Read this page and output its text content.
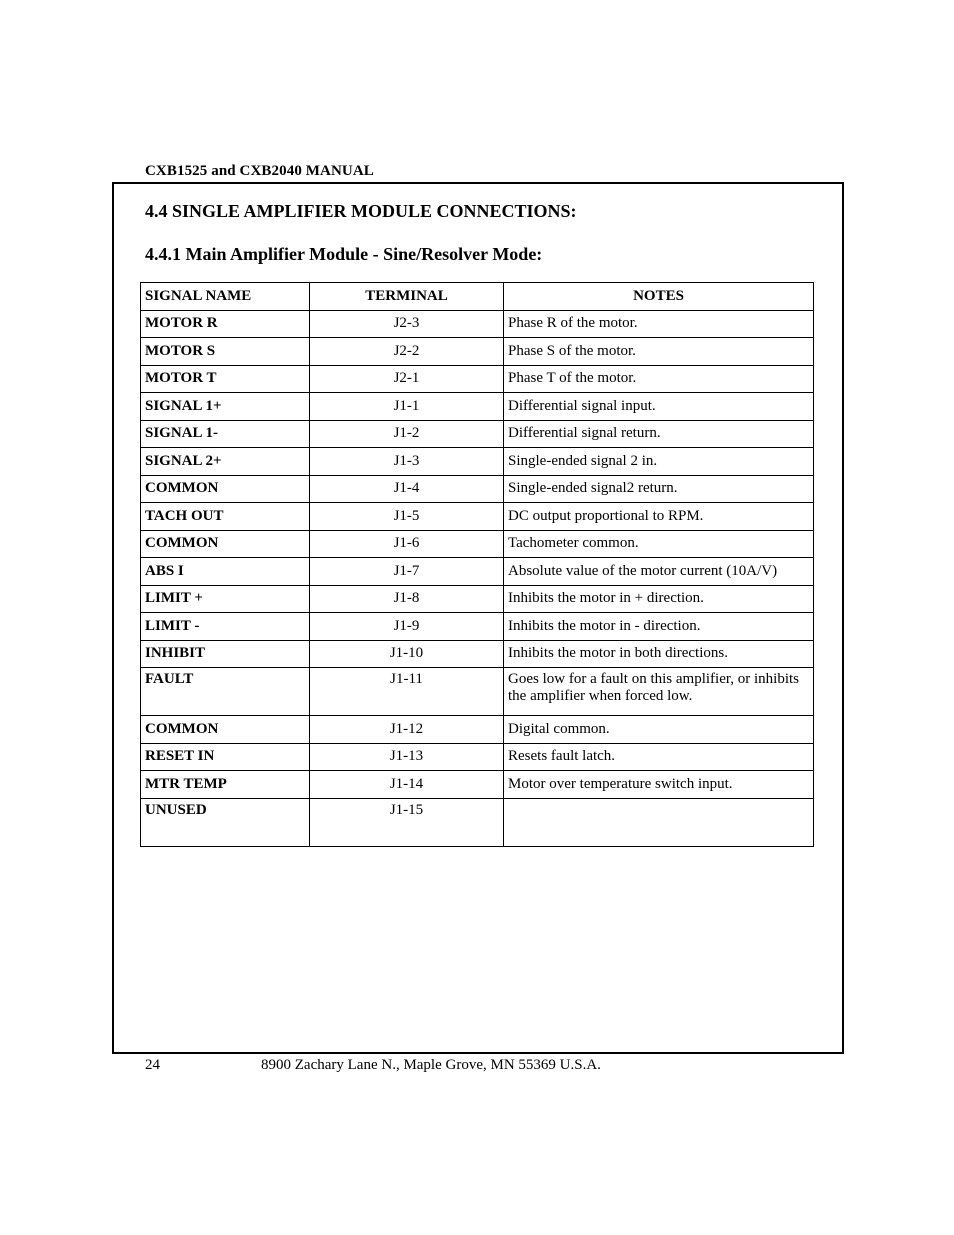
CXB1525 and CXB2040 MANUAL
4.4 SINGLE AMPLIFIER MODULE CONNECTIONS:
4.4.1 Main Amplifier Module - Sine/Resolver Mode:
SIGNAL NAME	TERMINAL	NOTES
MOTOR R	J2-3	Phase R of the motor.
MOTOR S	J2-2	Phase S of the motor.
MOTOR T	J2-1	Phase T of the motor.
SIGNAL 1+	J1-1	Differential signal input.
SIGNAL 1-	J1-2	Differential signal return.
SIGNAL 2+	J1-3	Single-ended signal 2 in.
COMMON	J1-4	Single-ended signal2 return.
TACH OUT	J1-5	DC output proportional to RPM.
COMMON	J1-6	Tachometer common.
ABS I	J1-7	Absolute value of the motor current (10A/V)
LIMIT +	J1-8	Inhibits the motor in + direction.
LIMIT -	J1-9	Inhibits the motor in - direction.
INHIBIT	J1-10	Inhibits the motor in both directions.
FAULT	J1-11	Goes low for a fault on this amplifier, or inhibits the amplifier when forced low.
COMMON	J1-12	Digital common.
RESET IN	J1-13	Resets fault latch.
MTR TEMP	J1-14	Motor over temperature switch input.
UNUSED	J1-15	
24	8900 Zachary Lane N., Maple Grove, MN 55369 U.S.A.
